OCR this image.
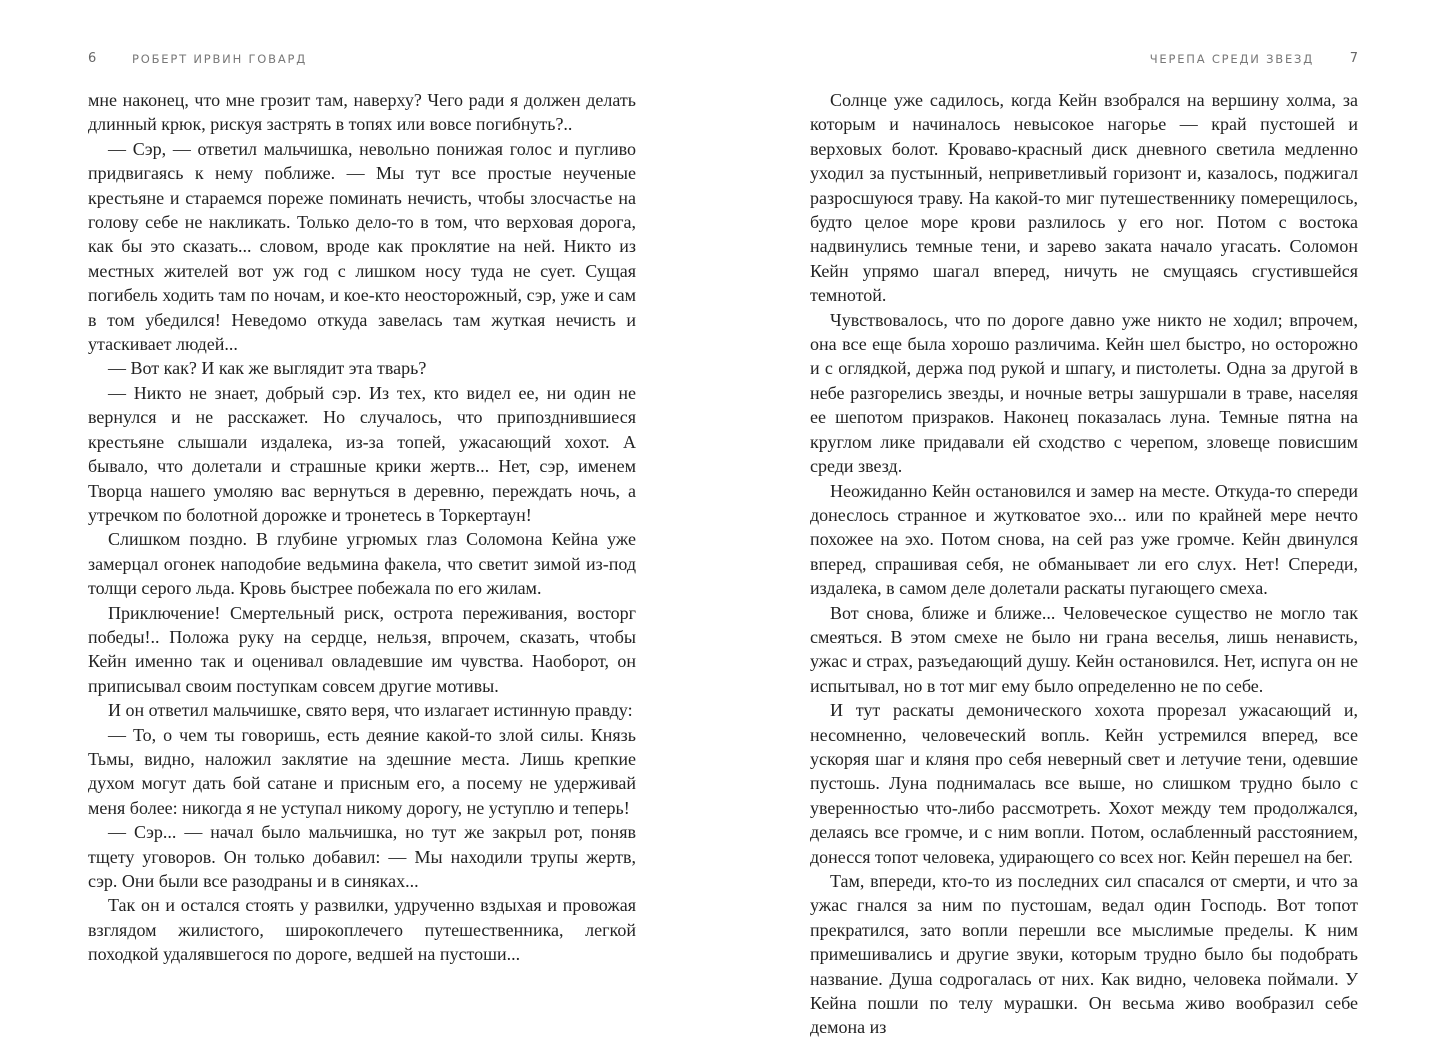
6	РОБЕРТ ИРВИН ГОВАРД

мне наконец, что мне грозит там, наверху? Чего ради я должен делать длинный крюк, рискуя застрять в топях или вовсе погибнуть?..

— Сэр, — ответил мальчишка, невольно понижая голос и пугливо придвигаясь к нему поближе. — Мы тут все простые неученые крестьяне и стараемся пореже поминать нечисть, чтобы злосчастье на голову себе не накликать. Только дело-то в том, что верховая дорога, как бы это сказать... словом, вроде как проклятие на ней. Никто из местных жителей вот уж год с лишком носу туда не сует. Сущая погибель ходить там по ночам, и кое-кто неосторожный, сэр, уже и сам в том убедился! Неведомо откуда завелась там жуткая нечисть и утаскивает людей...

— Вот как? И как же выглядит эта тварь?

— Никто не знает, добрый сэр. Из тех, кто видел ее, ни один не вернулся и не расскажет. Но случалось, что припозднившиеся крестьяне слышали издалека, из-за топей, ужасающий хохот. А бывало, что долетали и страшные крики жертв... Нет, сэр, именем Творца нашего умоляю вас вернуться в деревню, переждать ночь, а утречком по болотной дорожке и тронетесь в Торкертаун!

Слишком поздно. В глубине угрюмых глаз Соломона Кейна уже замерцал огонек наподобие ведьмина факела, что светит зимой из-под толщи серого льда. Кровь быстрее побежала по его жилам.

Приключение! Смертельный риск, острота переживания, восторг победы!.. Положа руку на сердце, нельзя, впрочем, сказать, чтобы Кейн именно так и оценивал овладевшие им чувства. Наоборот, он приписывал своим поступкам совсем другие мотивы.

И он ответил мальчишке, свято веря, что излагает истинную правду:

— То, о чем ты говоришь, есть деяние какой-то злой силы. Князь Тьмы, видно, наложил заклятие на здешние места. Лишь крепкие духом могут дать бой сатане и присным его, а посему не удерживай меня более: никогда я не уступал никому дорогу, не уступлю и теперь!

— Сэр... — начал было мальчишка, но тут же закрыл рот, поняв тщету уговоров. Он только добавил: — Мы находили трупы жертв, сэр. Они были все разодраны и в синяках...

Так он и остался стоять у развилки, удрученно вздыхая и провожая взглядом жилистого, широкоплечего путешественника, легкой походкой удалявшегося по дороге, ведшей на пустоши...

ЧЕРЕПА СРЕДИ ЗВЕЗД	7

Солнце уже садилось, когда Кейн взобрался на вершину холма, за которым и начиналось невысокое нагорье — край пустошей и верховых болот. Кроваво-красный диск дневного светила медленно уходил за пустынный, неприветливый горизонт и, казалось, поджигал разросшуюся траву. На какой-то миг путешественнику померещилось, будто целое море крови разлилось у его ног. Потом с востока надвинулись темные тени, и зарево заката начало угасать. Соломон Кейн упрямо шагал вперед, ничуть не смущаясь сгустившейся темнотой.

Чувствовалось, что по дороге давно уже никто не ходил; впрочем, она все еще была хорошо различима. Кейн шел быстро, но осторожно и с оглядкой, держа под рукой и шпагу, и пистолеты. Одна за другой в небе разгорелись звезды, и ночные ветры зашуршали в траве, населяя ее шепотом призраков. Наконец показалась луна. Темные пятна на круглом лике придавали ей сходство с черепом, зловеще повисшим среди звезд.

Неожиданно Кейн остановился и замер на месте. Откуда-то спереди донеслось странное и жутковатое эхо... или по крайней мере нечто похожее на эхо. Потом снова, на сей раз уже громче. Кейн двинулся вперед, спрашивая себя, не обманывает ли его слух. Нет! Спереди, издалека, в самом деле долетали раскаты пугающего смеха.

Вот снова, ближе и ближе... Человеческое существо не могло так смеяться. В этом смехе не было ни грана веселья, лишь ненависть, ужас и страх, разъедающий душу. Кейн остановился. Нет, испуга он не испытывал, но в тот миг ему было определенно не по себе.

И тут раскаты демонического хохота прорезал ужасающий и, несомненно, человеческий вопль. Кейн устремился вперед, все ускоряя шаг и кляня про себя неверный свет и летучие тени, одевшие пустошь. Луна поднималась все выше, но слишком трудно было с уверенностью что-либо рассмотреть. Хохот между тем продолжался, делаясь все громче, и с ним вопли. Потом, ослабленный расстоянием, донесся топот человека, удирающего со всех ног. Кейн перешел на бег.

Там, впереди, кто-то из последних сил спасался от смерти, и что за ужас гнался за ним по пустошам, ведал один Господь. Вот топот прекратился, зато вопли перешли все мыслимые пределы. К ним примешивались и другие звуки, которым трудно было бы подобрать название. Душа содрогалась от них. Как видно, человека поймали. У Кейна пошли по телу мурашки. Он весьма живо вообразил себе демона из
